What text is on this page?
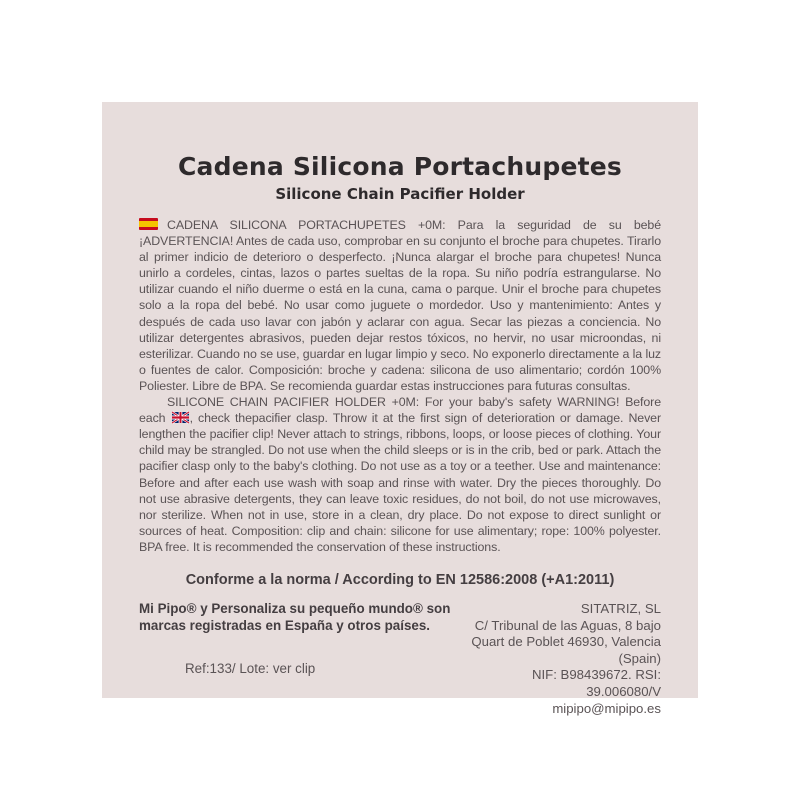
Cadena Silicona Portachupetes
Silicone Chain Pacifier Holder

CADENA SILICONA PORTACHUPETES +0M: Para la seguridad de su bebé ¡ADVERTENCIA! Antes de cada uso, comprobar en su conjunto el broche para chupetes. Tirarlo al primer indicio de deterioro o desperfecto. ¡Nunca alargar el broche para chupetes! Nunca unirlo a cordeles, cintas, lazos o partes sueltas de la ropa. Su niño podría estrangularse. No utilizar cuando el niño duerme o está en la cuna, cama o parque. Unir el broche para chupetes solo a la ropa del bebé. No usar como juguete o mordedor. Uso y mantenimiento: Antes y después de cada uso lavar con jabón y aclarar con agua. Secar las piezas a conciencia. No utilizar detergentes abrasivos, pueden dejar restos tóxicos, no hervir, no usar microondas, ni esterilizar. Cuando no se use, guardar en lugar limpio y seco. No exponerlo directamente a la luz o fuentes de calor. Composición: broche y cadena: silicona de uso alimentario; cordón 100% Poliester. Libre de BPA. Se recomienda guardar estas instrucciones para futuras consultas.

SILICONE CHAIN PACIFIER HOLDER +0M: For your baby's safety WARNING! Before each , check thepacifier clasp. Throw it at the first sign of deterioration or damage. Never lengthen the pacifier clip! Never attach to strings, ribbons, loops, or loose pieces of clothing. Your child may be strangled. Do not use when the child sleeps or is in the crib, bed or park. Attach the pacifier clasp only to the baby's clothing. Do not use as a toy or a teether. Use and maintenance: Before and after each use wash with soap and rinse with water. Dry the pieces thoroughly. Do not use abrasive detergents, they can leave toxic residues, do not boil, do not use microwaves, nor sterilize. When not in use, store in a clean, dry place. Do not expose to direct sunlight or sources of heat. Composition: clip and chain: silicone for use alimentary; rope: 100% polyester. BPA free. It is recommended the conservation of these instructions.

Conforme a la norma / According to EN 12586:2008 (+A1:2011)
Mi Pipo® y Personaliza su pequeño mundo® son marcas registradas en España y otros países.
Ref:133/ Lote: ver clip
SITATRIZ, SL
C/ Tribunal de las Aguas, 8 bajo
Quart de Poblet 46930, Valencia (Spain)
NIF: B98439672. RSI: 39.006080/V
mipipo@mipipo.es
